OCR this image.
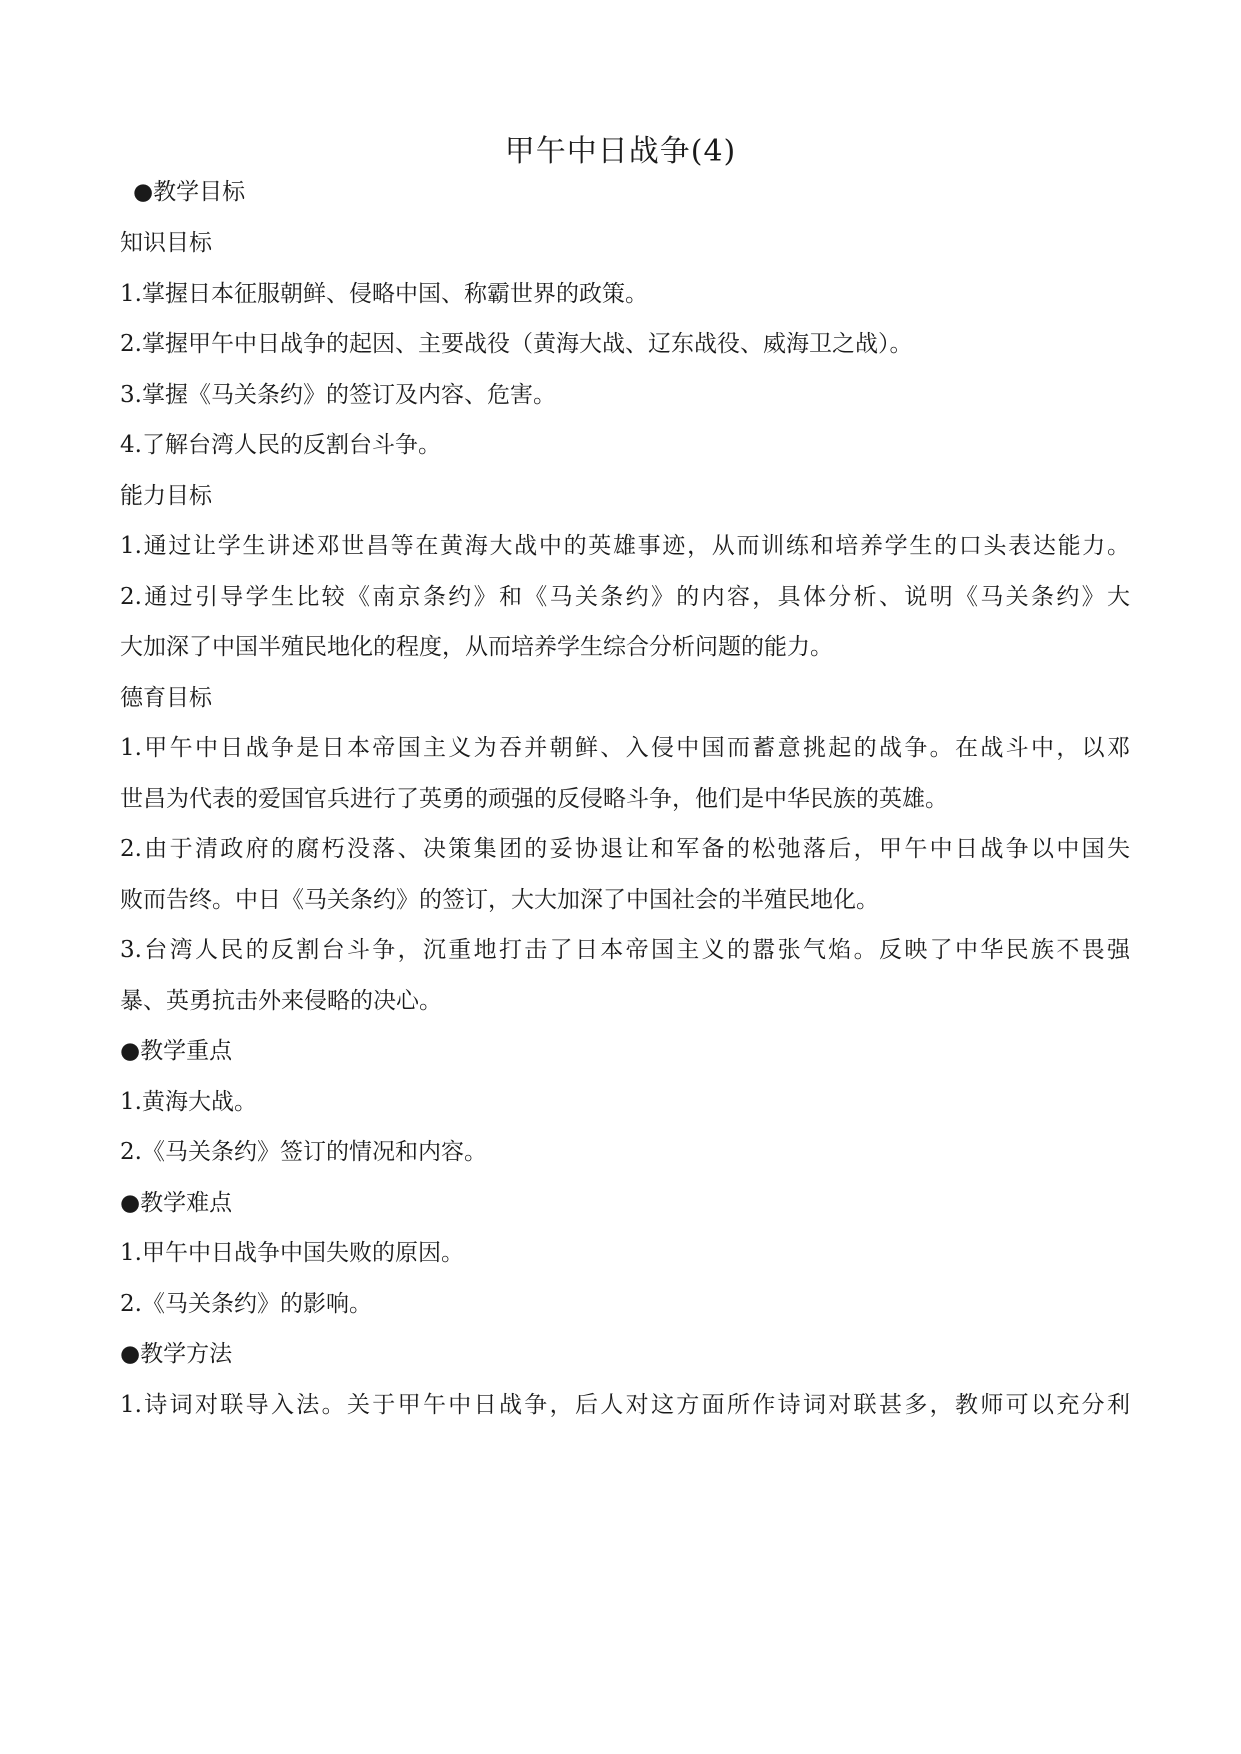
甲午中日战争(4)
●教学目标
知识目标
1.掌握日本征服朝鲜、侵略中国、称霸世界的政策。
2.掌握甲午中日战争的起因、主要战役（黄海大战、辽东战役、威海卫之战）。
3.掌握《马关条约》的签订及内容、危害。
4.了解台湾人民的反割台斗争。
能力目标
1.通过让学生讲述邓世昌等在黄海大战中的英雄事迹，从而训练和培养学生的口头表达能力。
2.通过引导学生比较《南京条约》和《马关条约》的内容，具体分析、说明《马关条约》大
大加深了中国半殖民地化的程度，从而培养学生综合分析问题的能力。
德育目标
1.甲午中日战争是日本帝国主义为吞并朝鲜、入侵中国而蓄意挑起的战争。在战斗中，以邓
世昌为代表的爱国官兵进行了英勇的顽强的反侵略斗争，他们是中华民族的英雄。
2.由于清政府的腐朽没落、决策集团的妥协退让和军备的松弛落后，甲午中日战争以中国失
败而告终。中日《马关条约》的签订，大大加深了中国社会的半殖民地化。
3.台湾人民的反割台斗争，沉重地打击了日本帝国主义的嚣张气焰。反映了中华民族不畏强
暴、英勇抗击外来侵略的决心。
●教学重点
1.黄海大战。
2.《马关条约》签订的情况和内容。
●教学难点
1.甲午中日战争中国失败的原因。
2.《马关条约》的影响。
●教学方法
1.诗词对联导入法。关于甲午中日战争，后人对这方面所作诗词对联甚多，教师可以充分利
